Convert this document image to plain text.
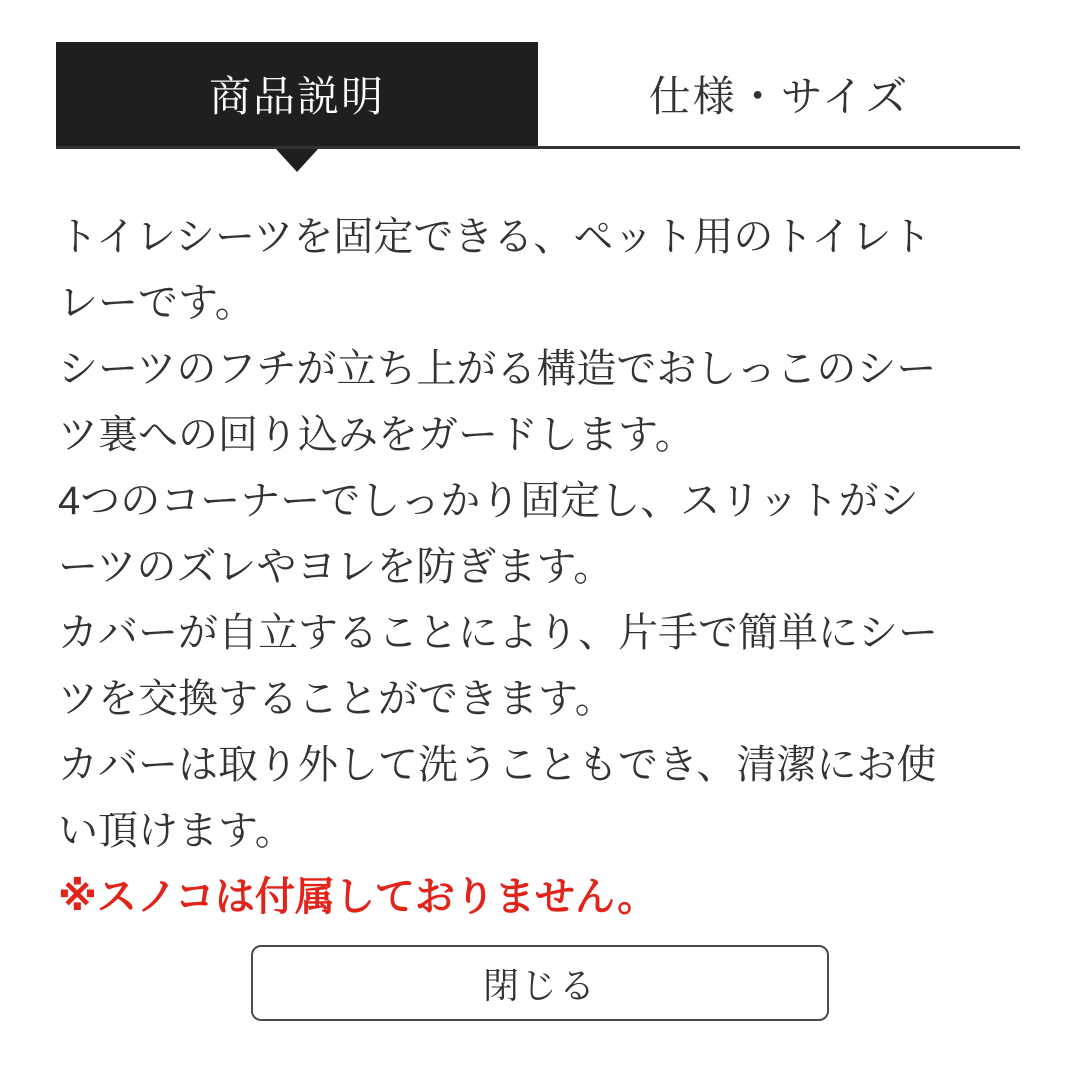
商品説明	仕様・サイズ
トイレシーツを固定できる、ペット用のトイレト
レーです。
シーツのフチが立ち上がる構造でおしっこのシー
ツ裏への回り込みをガードします。
4つのコーナーでしっかり固定し、スリットがシ
ーツのズレやヨレを防ぎます。
カバーが自立することにより、片手で簡単にシー
ツを交換することができます。
カバーは取り外して洗うこともでき、清潔にお使
い頂けます。
※スノコは付属しておりません。
閉じる
